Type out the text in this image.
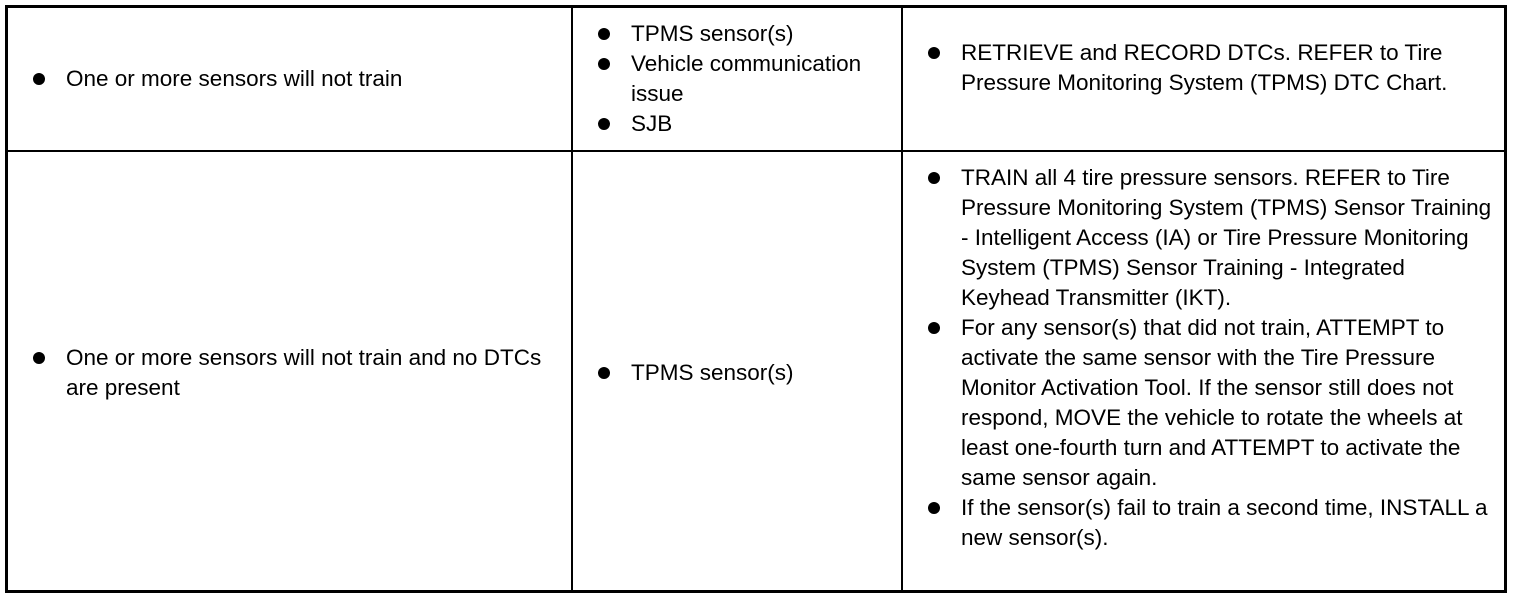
One or more sensors will not train
TPMS sensor(s)
Vehicle communication issue
SJB
RETRIEVE and RECORD DTCs. REFER to Tire Pressure Monitoring System (TPMS) DTC Chart.
One or more sensors will not train and no DTCs are present
TPMS sensor(s)
TRAIN all 4 tire pressure sensors. REFER to Tire Pressure Monitoring System (TPMS) Sensor Training - Intelligent Access (IA) or Tire Pressure Monitoring System (TPMS) Sensor Training - Integrated Keyhead Transmitter (IKT).
For any sensor(s) that did not train, ATTEMPT to activate the same sensor with the Tire Pressure Monitor Activation Tool. If the sensor still does not respond, MOVE the vehicle to rotate the wheels at least one-fourth turn and ATTEMPT to activate the same sensor again.
If the sensor(s) fail to train a second time, INSTALL a new sensor(s).
